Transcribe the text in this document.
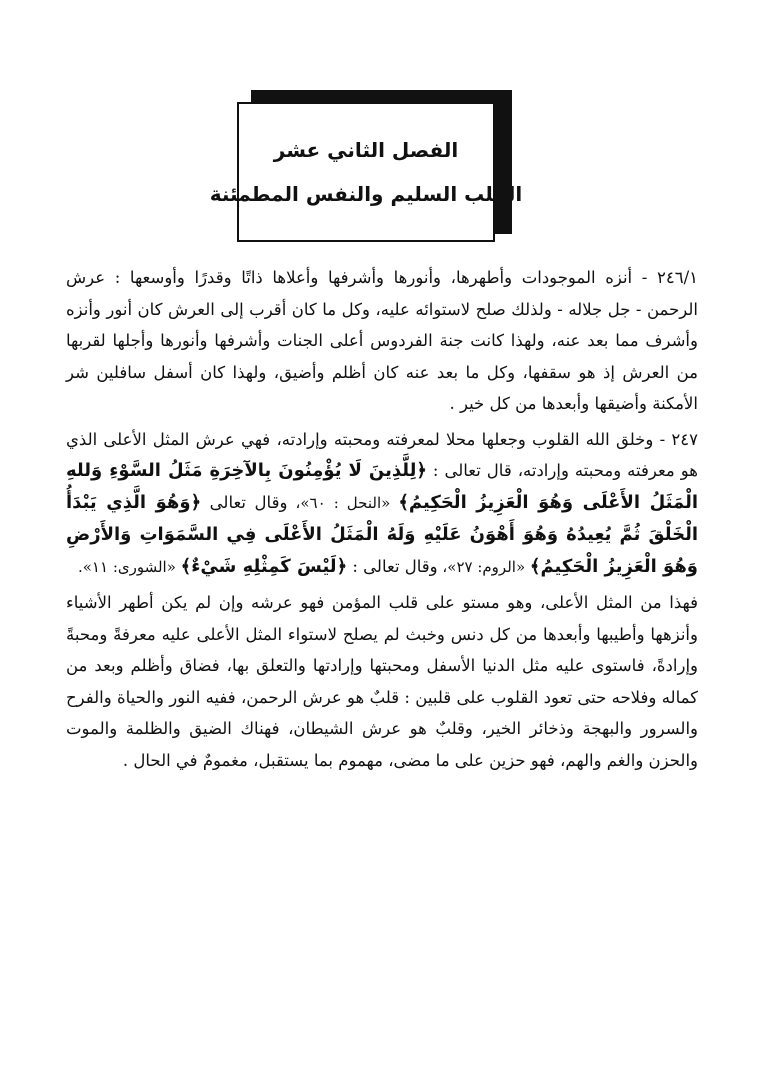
الفصل الثاني عشر
القلب السليم والنفس المطمئنة

٢٤٦/١ - أنزه الموجودات وأطهرها، وأنورها وأشرفها وأعلاها ذاتًا وقدرًا وأوسعها : عرش الرحمن - جل جلاله - ولذلك صلح لاستوائه عليه، وكل ما كان أقرب إلى العرش كان أنور وأنزه وأشرف مما بعد عنه، ولهذا كانت جنة الفردوس أعلى الجنات وأشرفها وأنورها وأجلها لقربها من العرش إذ هو سقفها، وكل ما بعد عنه كان أظلم وأضيق، ولهذا كان أسفل سافلين شر الأمكنة وأضيقها وأبعدها من كل خير .

٢٤٧ - وخلق الله القلوب وجعلها محلا لمعرفته ومحبته وإرادته، فهي عرش المثل الأعلى الذي هو معرفته ومحبته وإرادته، قال تعالى : ﴿لِلَّذِينَ لَا يُؤْمِنُونَ بِالآخِرَةِ مَثَلُ السَّوْءِ وَللهِ الْمَثَلُ الأَعْلَى وَهُوَ الْعَزِيزُ الْحَكِيمُ﴾ «النحل : ٦٠»، وقال تعالى ﴿وَهُوَ الَّذِي يَبْدَأُ الْخَلْقَ ثُمَّ يُعِيدُهُ وَهُوَ أَهْوَنُ عَلَيْهِ وَلَهُ الْمَثَلُ الأَعْلَى فِي السَّمَوَاتِ وَالأَرْضِ وَهُوَ الْعَزِيزُ الْحَكِيمُ﴾ «الروم: ٢٧»، وقال تعالى : ﴿لَيْسَ كَمِثْلِهِ شَيْءٌ﴾ «الشورى: ١١».

فهذا من المثل الأعلى، وهو مستو على قلب المؤمن فهو عرشه وإن لم يكن أطهر الأشياء وأنزهها وأطيبها وأبعدها من كل دنس وخبث لم يصلح لاستواء المثل الأعلى عليه معرفةً ومحبةً وإرادةً، فاستوى عليه مثل الدنيا الأسفل ومحبتها وإرادتها والتعلق بها، فضاق وأظلم وبعد من كماله وفلاحه حتى تعود القلوب على قلبين : قلبٌ هو عرش الرحمن، ففيه النور والحياة والفرح والسرور والبهجة وذخائر الخير، وقلبٌ هو عرش الشيطان، فهناك الضيق والظلمة والموت والحزن والغم والهم، فهو حزين على ما مضى، مهموم بما يستقبل، مغمومٌ في الحال .
